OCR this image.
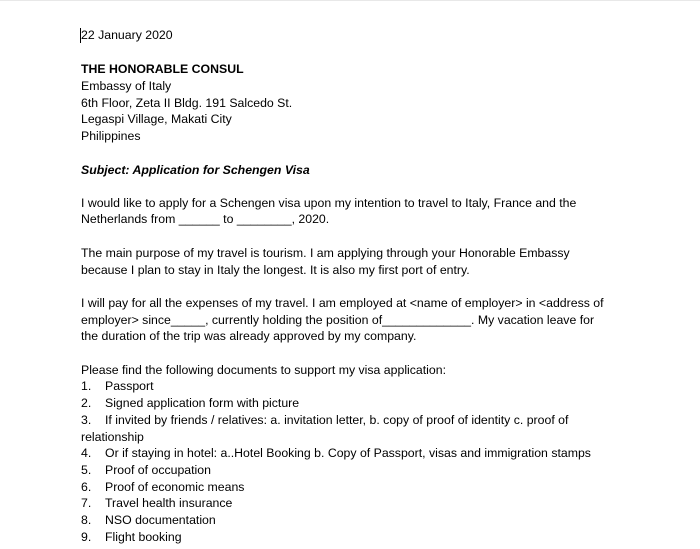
22 January 2020
THE HONORABLE CONSUL
Embassy of Italy
6th Floor, Zeta II Bldg. 191 Salcedo St.
Legaspi Village, Makati City
Philippines
Subject: Application for Schengen Visa
I would like to apply for a Schengen visa upon my intention to travel to Italy, France and the
Netherlands from ______ to ________, 2020.
The main purpose of my travel is tourism. I am applying through your Honorable Embassy
because I plan to stay in Italy the longest. It is also my first port of entry.
I will pay for all the expenses of my travel. I am employed at <name of employer> in <address of
employer> since_____, currently holding the position of_____________. My vacation leave for
the duration of the trip was already approved by my company.
Please find the following documents to support my visa application:
1. Passport
2. Signed application form with picture
3. If invited by friends / relatives: a. invitation letter, b. copy of proof of identity c. proof of
relationship
4. Or if staying in hotel: a..Hotel Booking b. Copy of Passport, visas and immigration stamps
5. Proof of occupation
6. Proof of economic means
7. Travel health insurance
8. NSO documentation
9. Flight booking
